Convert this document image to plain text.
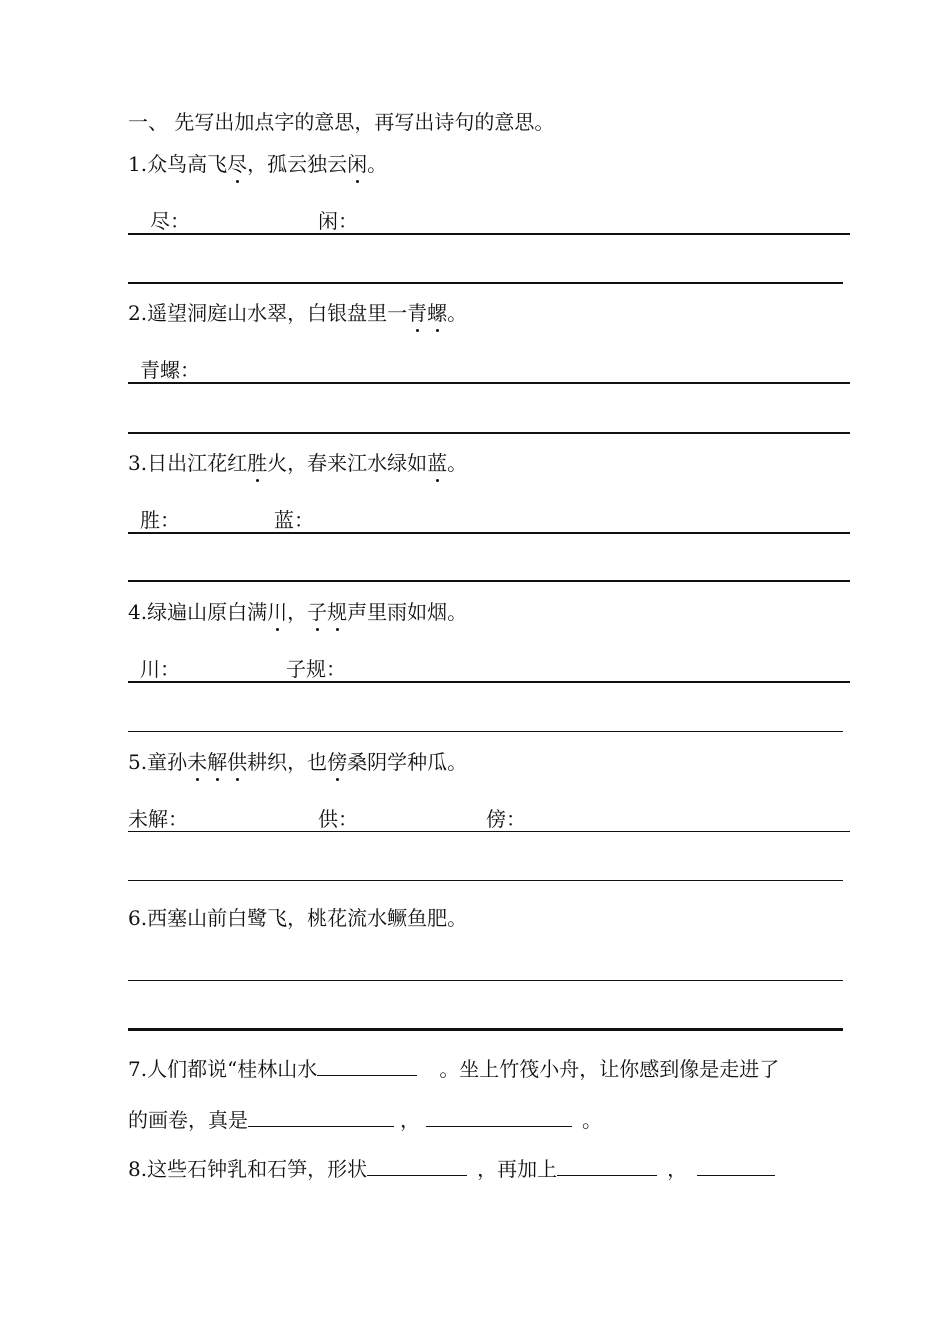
一、 先写出加点字的意思，再写出诗句的意思。
1.众鸟高飞尽，孤云独云闲。
尽：	闲：
2.遥望洞庭山水翠，白银盘里一青螺。
青螺：
3.日出江花红胜火，春来江水绿如蓝。
胜：	蓝：
4.绿遍山原白满川，子规声里雨如烟。
川：	子规：
5.童孙未解供耕织，也傍桑阴学种瓜。
未解：	供：	傍：
6.西塞山前白鹭飞，桃花流水鳜鱼肥。
7.人们都说“桂林山水	。坐上竹筏小舟，让你感到像是走进了
的画卷，真是	，	。
8.这些石钟乳和石笋，形状	，再加上	，
